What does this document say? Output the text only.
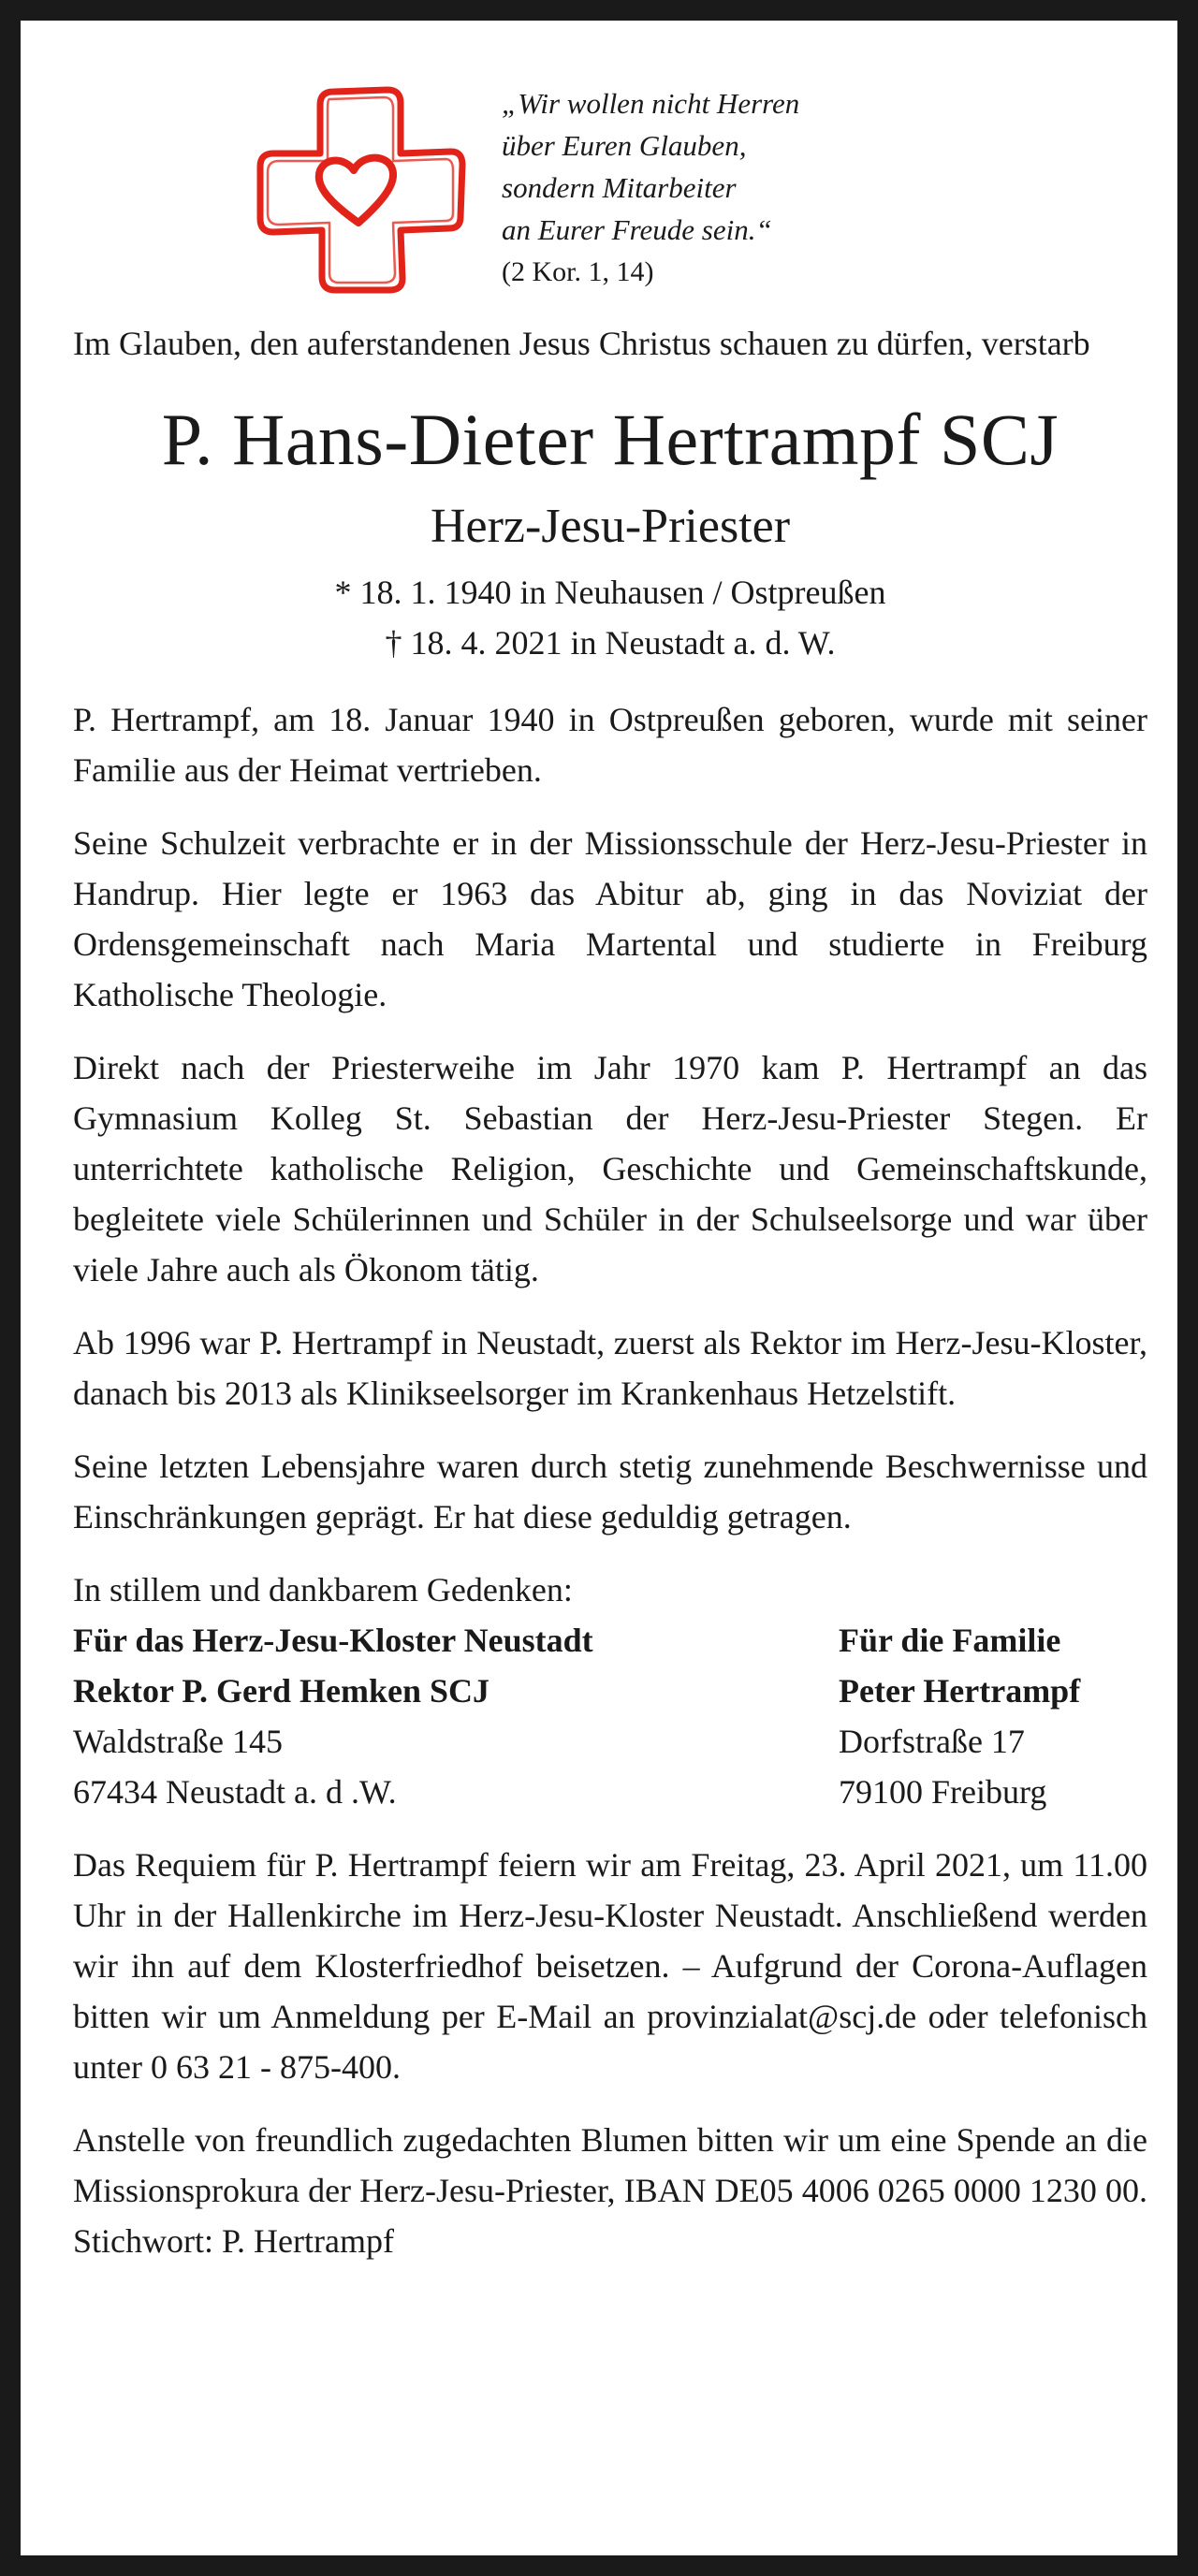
„Wir wollen nicht Herren
über Euren Glauben,
sondern Mitarbeiter
an Eurer Freude sein.“
(2 Kor. 1, 14)

Im Glauben, den auferstandenen Jesus Christus schauen zu dürfen, verstarb

P. Hans-Dieter Hertrampf SCJ
Herz-Jesu-Priester

* 18. 1. 1940 in Neuhausen / Ostpreußen

† 18. 4. 2021 in Neustadt a. d. W.

P. Hertrampf, am 18. Januar 1940 in Ostpreußen geboren, wurde mit seiner Familie aus der Heimat vertrieben.

Seine Schulzeit verbrachte er in der Missionsschule der Herz-Jesu-Priester in Handrup. Hier legte er 1963 das Abitur ab, ging in das Noviziat der Ordensgemeinschaft nach Maria Martental und studierte in Freiburg Katholische Theologie.

Direkt nach der Priesterweihe im Jahr 1970 kam P. Hertrampf an das Gymnasium Kolleg St. Sebastian der Herz-Jesu-Priester Stegen. Er unterrichtete katholische Religion, Geschichte und Gemeinschaftskunde, begleitete viele Schülerinnen und Schüler in der Schulseelsorge und war über viele Jahre auch als Ökonom tätig.

Ab 1996 war P. Hertrampf in Neustadt, zuerst als Rektor im Herz-Jesu-Kloster, danach bis 2013 als Klinikseelsorger im Krankenhaus Hetzelstift.

Seine letzten Lebensjahre waren durch stetig zunehmende Beschwernisse und Einschränkungen geprägt. Er hat diese geduldig getragen.

In stillem und dankbarem Gedenken:

Für das Herz-Jesu-Kloster Neustadt
Rektor P. Gerd Hemken SCJ
Waldstraße 145
67434 Neustadt a. d .W.
Für die Familie
Peter Hertrampf
Dorfstraße 17
79100 Freiburg

Das Requiem für P. Hertrampf feiern wir am Freitag, 23. April 2021, um 11.00 Uhr in der Hallenkirche im Herz-Jesu-Kloster Neustadt. Anschließend werden wir ihn auf dem Klosterfriedhof beisetzen. – Aufgrund der Corona-Auflagen bitten wir um Anmeldung per E-Mail an provinzialat@scj.de oder telefonisch unter 0 63 21 - 875-400.

Anstelle von freundlich zugedachten Blumen bitten wir um eine Spende an die Missionsprokura der Herz-Jesu-Priester, IBAN DE05 4006 0265 0000 1230 00. Stichwort: P. Hertrampf
